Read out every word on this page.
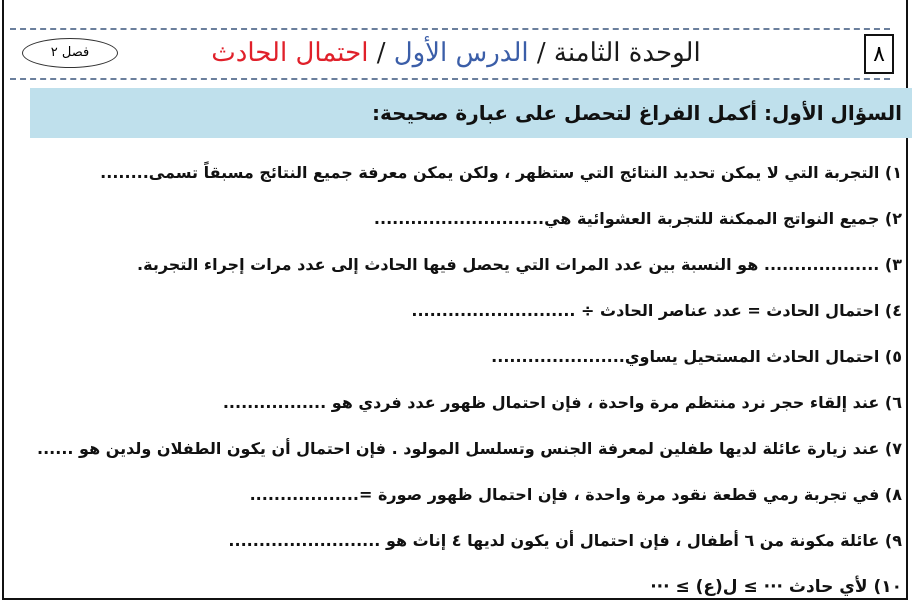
٨
الوحدة الثامنة / الدرس الأول / احتمال الحادث
فصل ٢
السؤال الأول: أكمل الفراغ لتحصل على عبارة صحيحة:
١) التجربة التي لا يمكن تحديد النتائج التي ستظهر ، ولكن يمكن معرفة جميع النتائج مسبقاً تسمى........
٢) جميع النواتج الممكنة للتجربة العشوائية هي............................
٣) ................... هو النسبة بين عدد المرات التي يحصل فيها الحادث إلى عدد مرات إجراء التجربة.
٤) احتمال الحادث = عدد عناصر الحادث ÷ ...........................
٥) احتمال الحادث المستحيل يساوي......................
٦) عند إلقاء حجر نرد منتظم مرة واحدة ، فإن احتمال ظهور عدد فردي هو .................
٧) عند زيارة عائلة لديها طفلين لمعرفة الجنس وتسلسل المولود . فإن احتمال أن يكون الطفلان ولدين هو ......
٨) في تجربة رمي قطعة نقود مرة واحدة ، فإن احتمال ظهور صورة =..................
٩) عائلة مكونة من ٦ أطفال ، فإن احتمال أن يكون لديها ٤ إناث هو .........................
١٠) لأي حادث ··· ≥ ل(ع) ≥ ···
